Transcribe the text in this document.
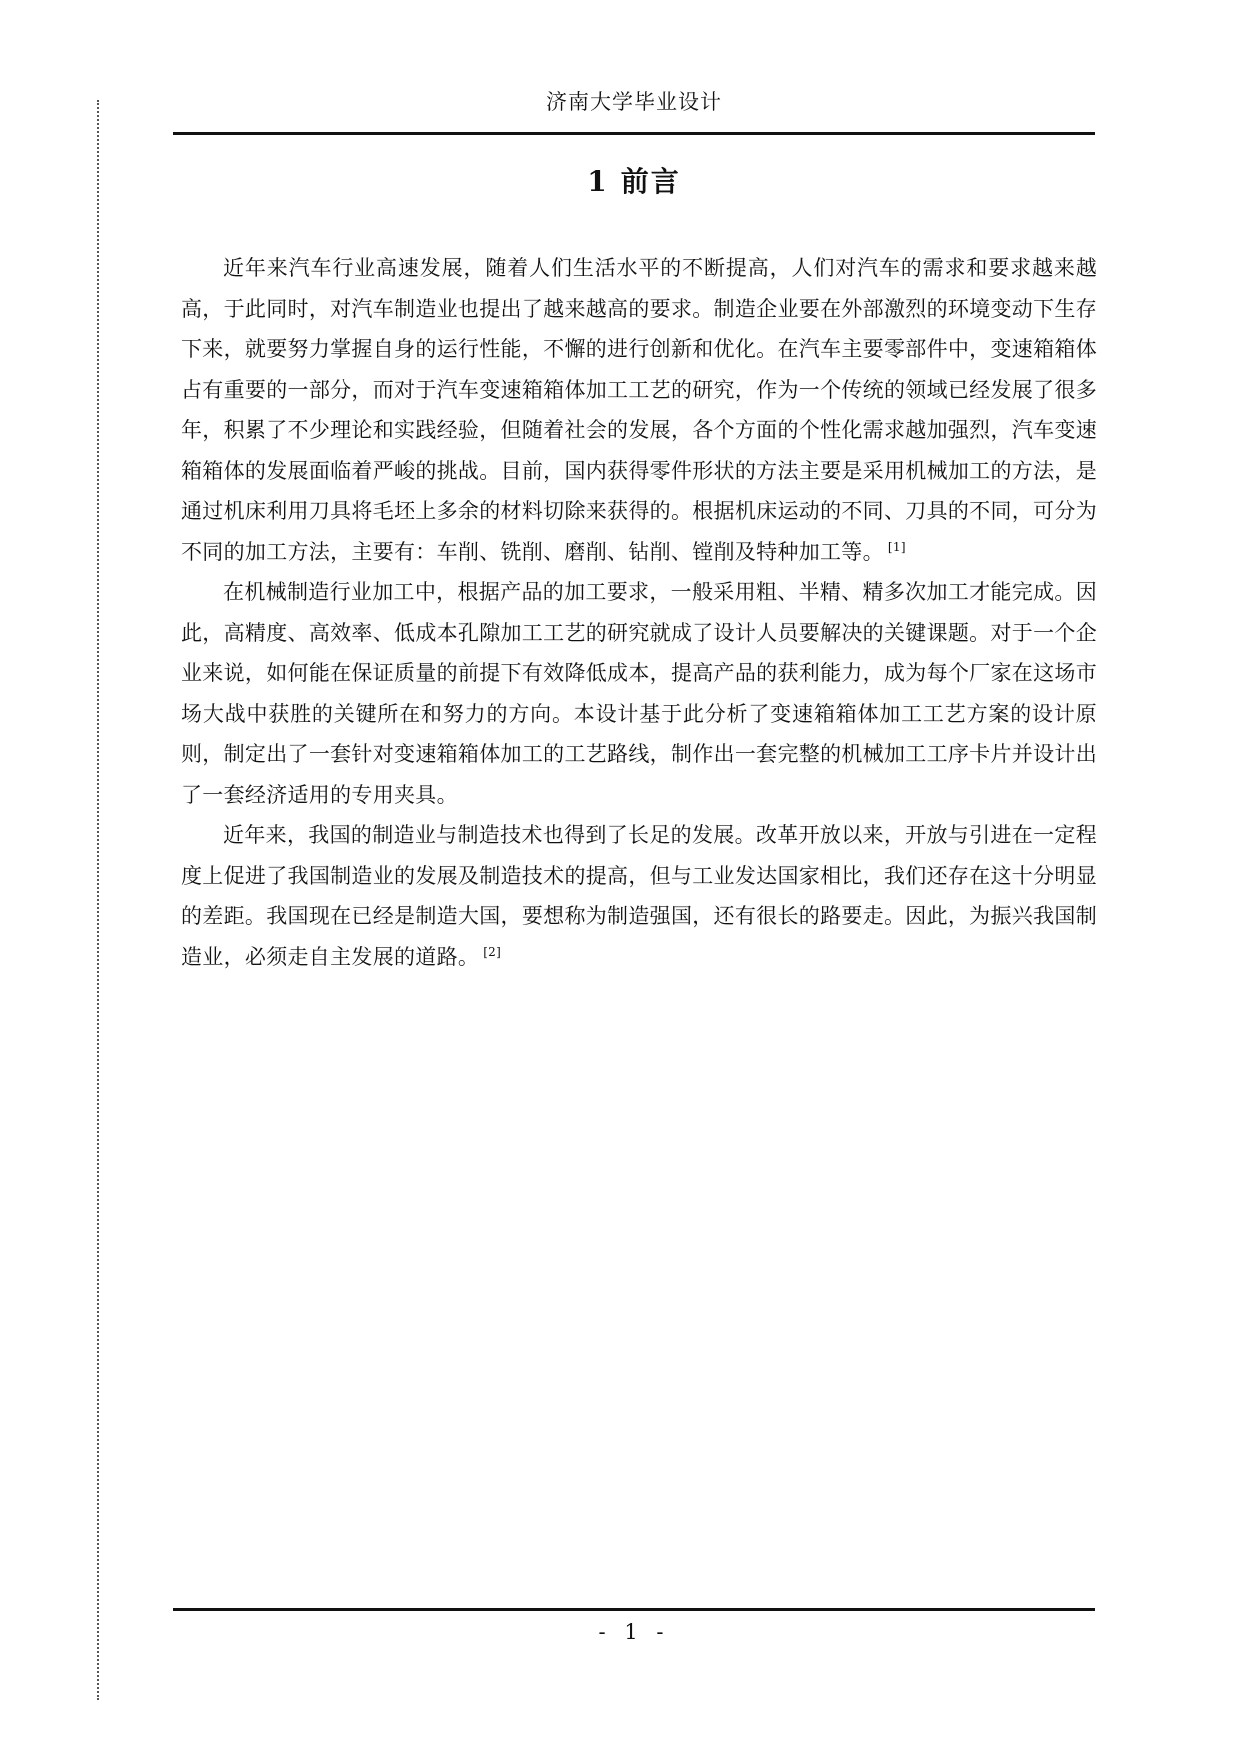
济南大学毕业设计
1 前言

近年来汽车行业高速发展，随着人们生活水平的不断提高，人们对汽车的需求和要求越来越高，于此同时，对汽车制造业也提出了越来越高的要求。制造企业要在外部激烈的环境变动下生存下来，就要努力掌握自身的运行性能，不懈的进行创新和优化。在汽车主要零部件中，变速箱箱体占有重要的一部分，而对于汽车变速箱箱体加工工艺的研究，作为一个传统的领域已经发展了很多年，积累了不少理论和实践经验，但随着社会的发展，各个方面的个性化需求越加强烈，汽车变速箱箱体的发展面临着严峻的挑战。目前，国内获得零件形状的方法主要是采用机械加工的方法，是通过机床利用刀具将毛坯上多余的材料切除来获得的。根据机床运动的不同、刀具的不同，可分为不同的加工方法，主要有：车削、铣削、磨削、钻削、镗削及特种加工等。 [1]

在机械制造行业加工中，根据产品的加工要求，一般采用粗、半精、精多次加工才能完成。因此，高精度、高效率、低成本孔隙加工工艺的研究就成了设计人员要解决的关键课题。对于一个企业来说，如何能在保证质量的前提下有效降低成本，提高产品的获利能力，成为每个厂家在这场市场大战中获胜的关键所在和努力的方向。本设计基于此分析了变速箱箱体加工工艺方案的设计原则，制定出了一套针对变速箱箱体加工的工艺路线，制作出一套完整的机械加工工序卡片并设计出了一套经济适用的专用夹具。

近年来，我国的制造业与制造技术也得到了长足的发展。改革开放以来，开放与引进在一定程度上促进了我国制造业的发展及制造技术的提高，但与工业发达国家相比，我们还存在这十分明显的差距。我国现在已经是制造大国，要想称为制造强国，还有很长的路要走。因此，为振兴我国制造业，必须走自主发展的道路。 [2]

- 1 -
